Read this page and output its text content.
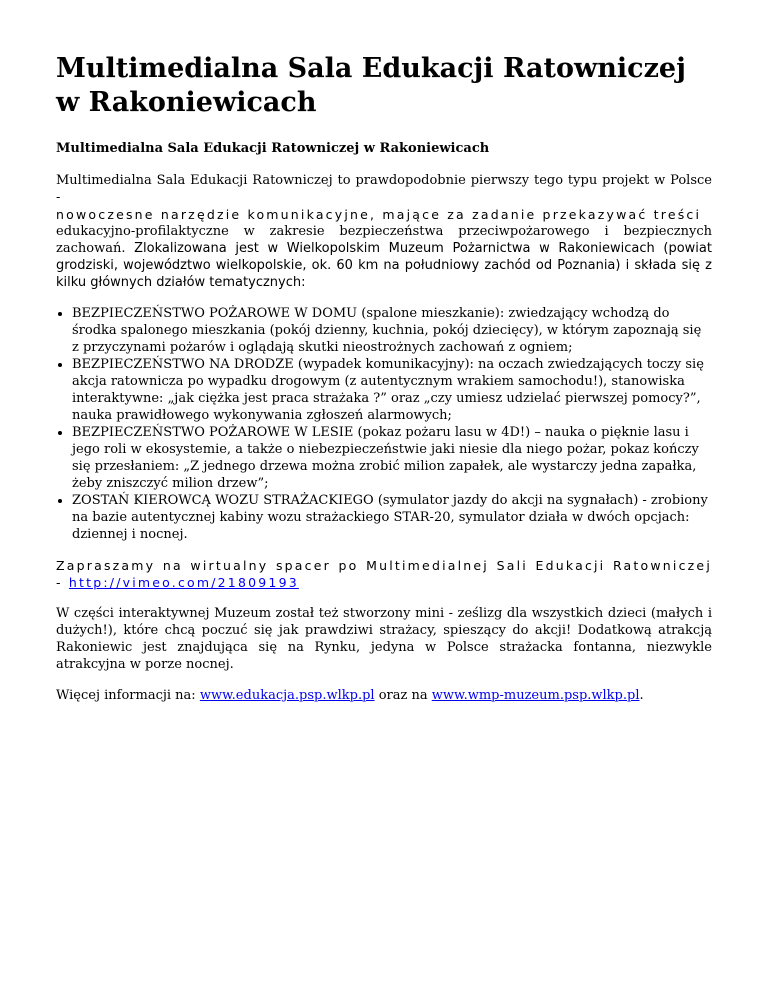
Multimedialna Sala Edukacji Ratowniczej w Rakoniewicach
Multimedialna Sala Edukacji Ratowniczej w Rakoniewicach

Multimedialna Sala Edukacji Ratowniczej to prawdopodobnie pierwszy tego typu projekt w Polsce -
nowoczesne narzędzie komunikacyjne, mające za zadanie przekazywać treści
edukacyjno-profilaktyczne w zakresie bezpieczeństwa przeciwpożarowego i bezpiecznych zachowań. Zlokalizowana jest w Wielkopolskim Muzeum Pożarnictwa w Rakoniewicach (powiat grodziski, województwo wielkopolskie, ok. 60 km na południowy zachód od Poznania) i składa się z kilku głównych działów tematycznych:

• BEZPIECZEŃSTWO POŻAROWE W DOMU (spalone mieszkanie): zwiedzający wchodzą do środka spalonego mieszkania (pokój dzienny, kuchnia, pokój dziecięcy), w którym zapoznają się z przyczynami pożarów i oglądają skutki nieostrożnych zachowań z ogniem;
• BEZPIECZEŃSTWO NA DRODZE (wypadek komunikacyjny): na oczach zwiedzających toczy się akcja ratownicza po wypadku drogowym (z autentycznym wrakiem samochodu!), stanowiska interaktywne: „jak ciężka jest praca strażaka ?” oraz „czy umiesz udzielać pierwszej pomocy?”, nauka prawidłowego wykonywania zgłoszeń alarmowych;
• BEZPIECZEŃSTWO POŻAROWE W LESIE (pokaz pożaru lasu w 4D!) – nauka o pięknie lasu i jego roli w ekosystemie, a także o niebezpieczeństwie jaki niesie dla niego pożar, pokaz kończy się przesłaniem: „Z jednego drzewa można zrobić milion zapałek, ale wystarczy jedna zapałka, żeby zniszczyć milion drzew”;
• ZOSTAŃ KIEROWCĄ WOZU STRAŻACKIEGO (symulator jazdy do akcji na sygnałach) - zrobiony na bazie autentycznej kabiny wozu strażackiego STAR-20, symulator działa w dwóch opcjach: dziennej i nocnej.

Zapraszamy na wirtualny spacer po Multimedialnej Sali Edukacji Ratowniczej - http://vimeo.com/21809193

W części interaktywnej Muzeum został też stworzony mini - ześlizg dla wszystkich dzieci (małych i dużych!), które chcą poczuć się jak prawdziwi strażacy, spieszący do akcji! Dodatkową atrakcją Rakoniewic jest znajdująca się na Rynku, jedyna w Polsce strażacka fontanna, niezwykle atrakcyjna w porze nocnej.

Więcej informacji na: www.edukacja.psp.wlkp.pl oraz na www.wmp-muzeum.psp.wlkp.pl.
